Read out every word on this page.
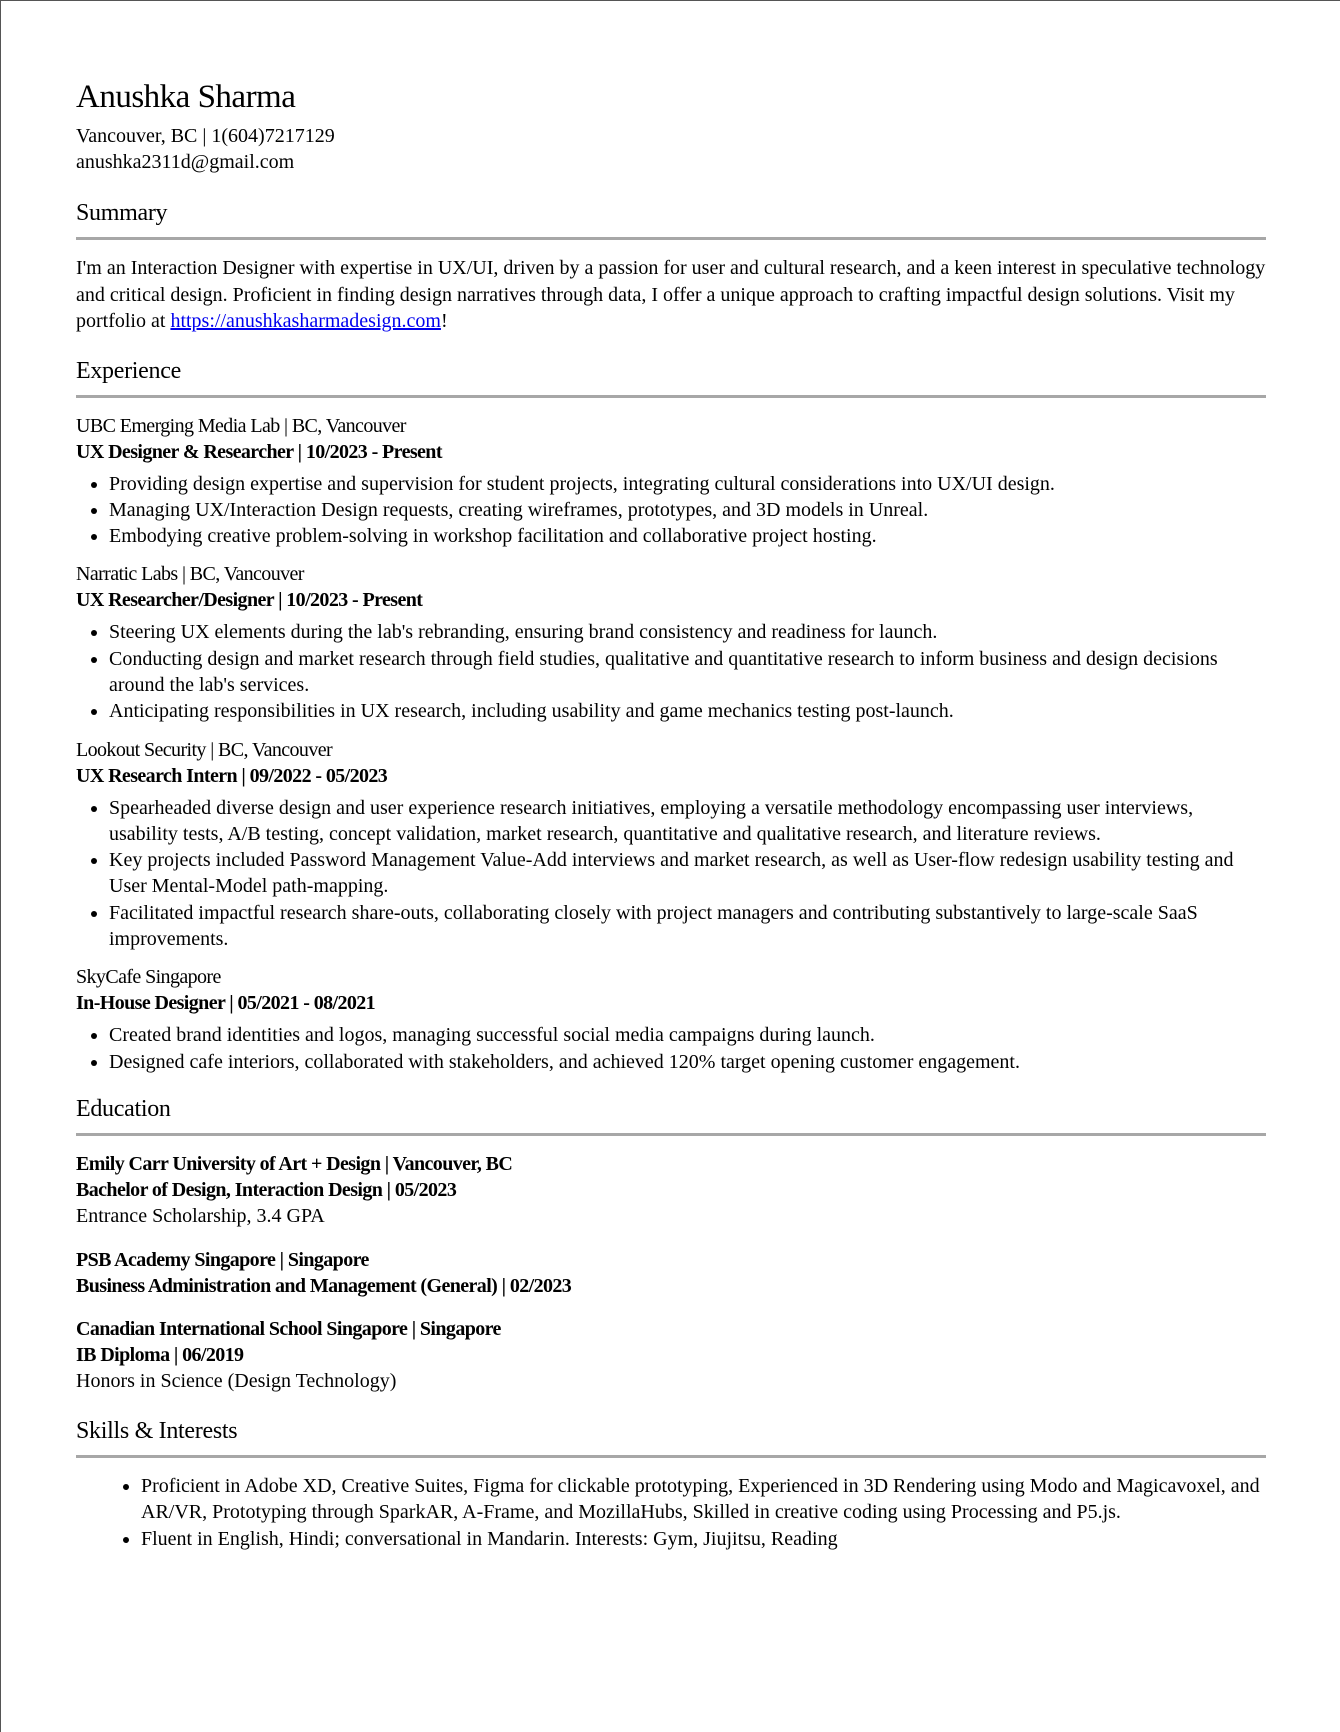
Anushka Sharma
Vancouver, BC | 1(604)7217129
anushka2311d@gmail.com
Summary

I'm an Interaction Designer with expertise in UX/UI, driven by a passion for user and cultural research, and a keen interest in speculative technology and critical design. Proficient in finding design narratives through data, I offer a unique approach to crafting impactful design solutions. Visit my portfolio at https://anushkasharmadesign.com!

Experience
UBC Emerging Media Lab | BC, Vancouver
UX Designer & Researcher | 10/2023 - Present
• Providing design expertise and supervision for student projects, integrating cultural considerations into UX/UI design.
• Managing UX/Interaction Design requests, creating wireframes, prototypes, and 3D models in Unreal.
• Embodying creative problem-solving in workshop facilitation and collaborative project hosting.
Narratic Labs | BC, Vancouver
UX Researcher/Designer | 10/2023 - Present
• Steering UX elements during the lab's rebranding, ensuring brand consistency and readiness for launch.
• Conducting design and market research through field studies, qualitative and quantitative research to inform business and design decisions around the lab's services.
• Anticipating responsibilities in UX research, including usability and game mechanics testing post-launch.
Lookout Security | BC, Vancouver
UX Research Intern | 09/2022 - 05/2023
• Spearheaded diverse design and user experience research initiatives, employing a versatile methodology encompassing user interviews, usability tests, A/B testing, concept validation, market research, quantitative and qualitative research, and literature reviews.
• Key projects included Password Management Value-Add interviews and market research, as well as User-flow redesign usability testing and User Mental-Model path-mapping.
• Facilitated impactful research share-outs, collaborating closely with project managers and contributing substantively to large-scale SaaS improvements.
SkyCafe Singapore
In-House Designer | 05/2021 - 08/2021
• Created brand identities and logos, managing successful social media campaigns during launch.
• Designed cafe interiors, collaborated with stakeholders, and achieved 120% target opening customer engagement.
Education
Emily Carr University of Art + Design | Vancouver, BC
Bachelor of Design, Interaction Design | 05/2023
Entrance Scholarship, 3.4 GPA
PSB Academy Singapore | Singapore
Business Administration and Management (General) | 02/2023
Canadian International School Singapore | Singapore
IB Diploma | 06/2019
Honors in Science (Design Technology)
Skills & Interests
• Proficient in Adobe XD, Creative Suites, Figma for clickable prototyping, Experienced in 3D Rendering using Modo and Magicavoxel, and AR/VR, Prototyping through SparkAR, A-Frame, and MozillaHubs, Skilled in creative coding using Processing and P5.js.
• Fluent in English, Hindi; conversational in Mandarin. Interests: Gym, Jiujitsu, Reading
